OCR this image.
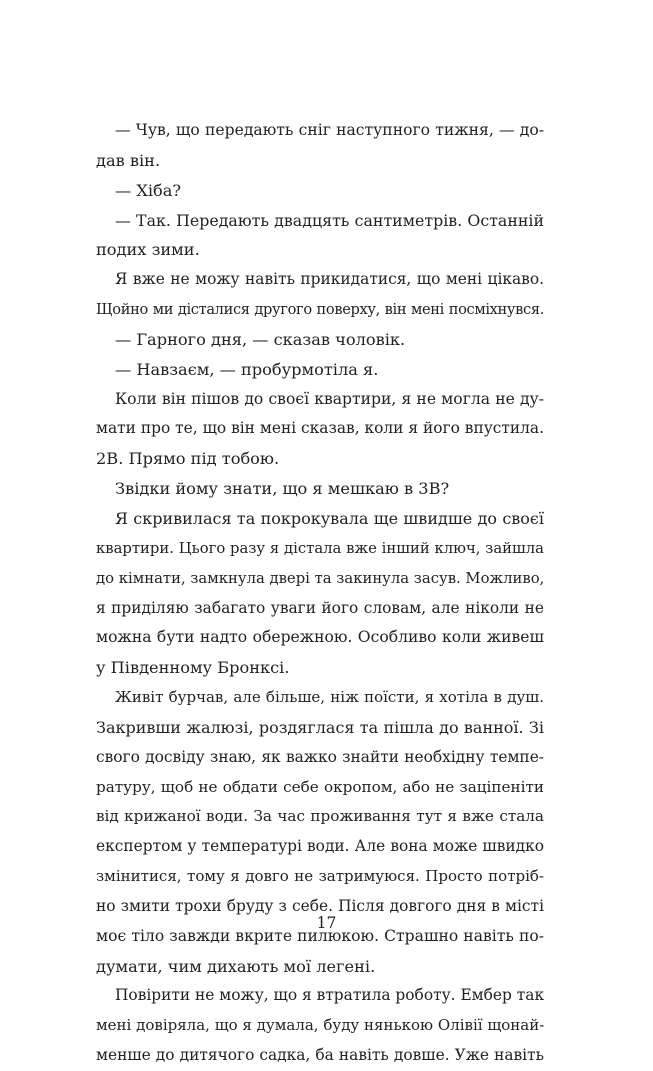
— Чув, що передають сніг наступного тижня, — до-
дав він.
— Хіба?
— Так. Передають двадцять сантиметрів. Останній
подих зими.
Я вже не можу навіть прикидатися, що мені цікаво.
Щойно ми дісталися другого поверху, він мені посміхнувся.
— Гарного дня, — сказав чоловік.
— Навзаєм, — пробурмотіла я.
Коли він пішов до своєї квартири, я не могла не ду-
мати про те, що він мені сказав, коли я його впустила.
2В. Прямо під тобою.
Звідки йому знати, що я мешкаю в 3В?
Я скривилася та покрокувала ще швидше до своєї
квартири. Цього разу я дістала вже інший ключ, зайшла
до кімнати, замкнула двері та закинула засув. Можливо,
я приділяю забагато уваги його словам, але ніколи не
можна бути надто обережною. Особливо коли живеш
у Південному Бронксі.
Живіт бурчав, але більше, ніж поїсти, я хотіла в душ.
Закривши жалюзі, роздяглася та пішла до ванної. Зі
свого досвіду знаю, як важко знайти необхідну темпе-
ратуру, щоб не обдати себе окропом, або не заціпеніти
від крижаної води. За час проживання тут я вже стала
експертом у температурі води. Але вона може швидко
змінитися, тому я довго не затримуюся. Просто потріб-
но змити трохи бруду з себе. Після довгого дня в місті
моє тіло завжди вкрите пилюкою. Страшно навіть по-
думати, чим дихають мої легені.
Повірити не можу, що я втратила роботу. Ембер так
мені довіряла, що я думала, буду нянькою Олівії щонай-
менше до дитячого садка, ба навіть довше. Уже навіть
17
